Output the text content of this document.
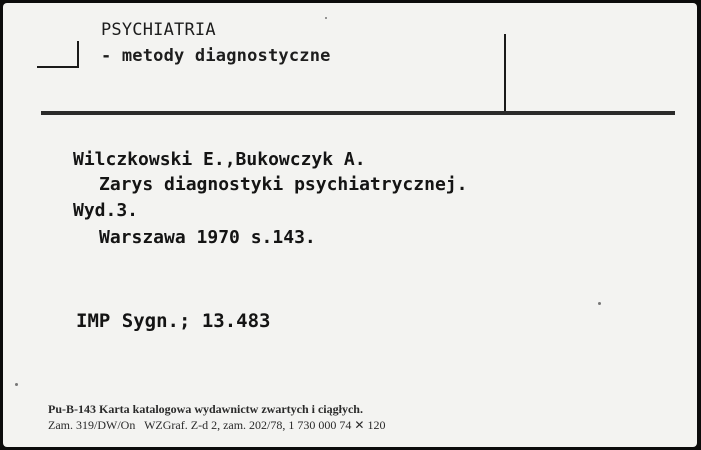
PSYCHIATRIA
- metody diagnostyczne
Wilczkowski E.,Bukowczyk A.
Zarys diagnostyki psychiatrycznej.
Wyd.3.
Warszawa 1970 s.143.
IMP Sygn.; 13.483
Pu-B-143 Karta katalogowa wydawnictw zwartych i ciągłych.
Zam. 319/DW/On   WZGraf. Z-d 2, zam. 202/78, 1 730 000 74 ✕ 120
